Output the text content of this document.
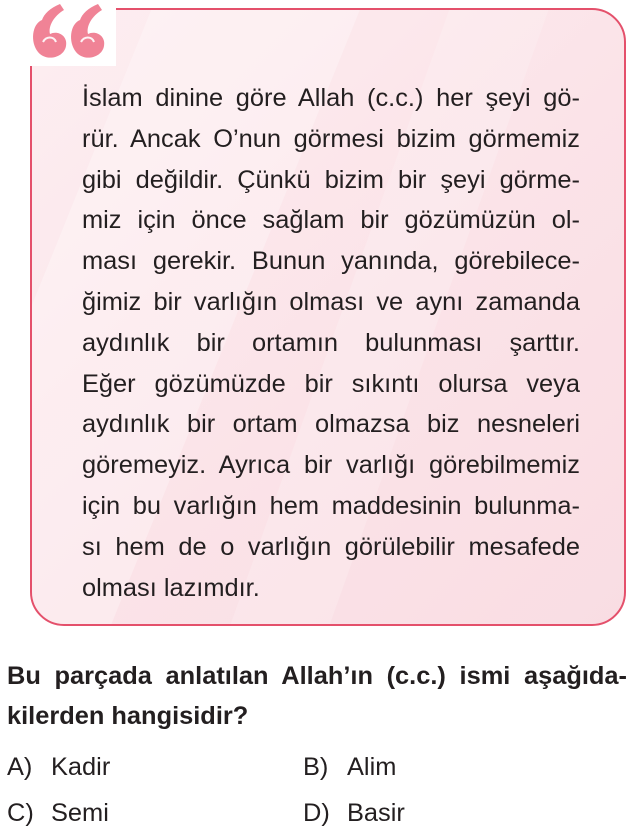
İslam dinine göre Allah (c.c.) her şeyi gö-
rür. Ancak O’nun görmesi bizim görmemiz
gibi değildir. Çünkü bizim bir şeyi görme-
miz için önce sağlam bir gözümüzün ol-
ması gerekir. Bunun yanında, görebilece-
ğimiz bir varlığın olması ve aynı zamanda
aydınlık bir ortamın bulunması şarttır.
Eğer gözümüzde bir sıkıntı olursa veya
aydınlık bir ortam olmazsa biz nesneleri
göremeyiz. Ayrıca bir varlığı görebilmemiz
için bu varlığın hem maddesinin bulunma-
sı hem de o varlığın görülebilir mesafede
olması lazımdır.
Bu parçada anlatılan Allah’ın (c.c.) ismi aşağıda-
kilerden hangisidir?
A) Kadir	B) Alim
C) Semi	D) Basir
